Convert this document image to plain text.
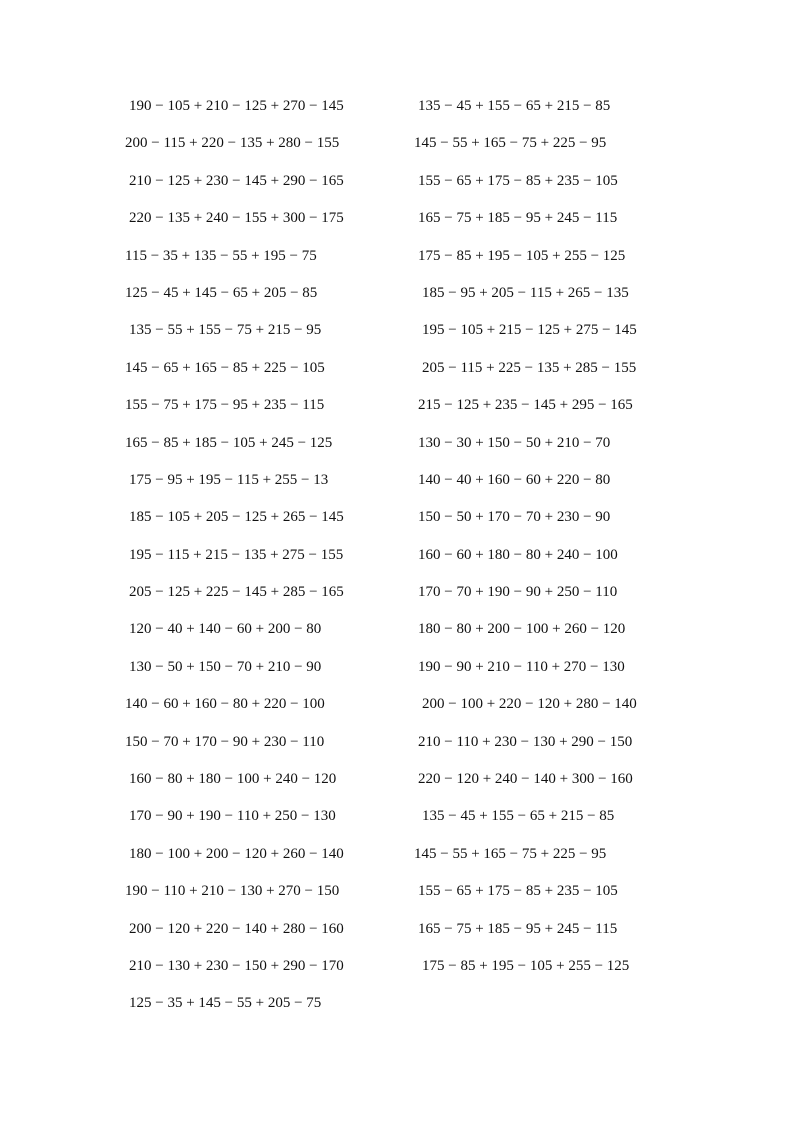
190 − 105 + 210 − 125 + 270 − 145
200 − 115 + 220 − 135 + 280 − 155
210 − 125 + 230 − 145 + 290 − 165
220 − 135 + 240 − 155 + 300 − 175
115 − 35 + 135 − 55 + 195 − 75
125 − 45 + 145 − 65 + 205 − 85
135 − 55 + 155 − 75 + 215 − 95
145 − 65 + 165 − 85 + 225 − 105
155 − 75 + 175 − 95 + 235 − 115
165 − 85 + 185 − 105 + 245 − 125
175 − 95 + 195 − 115 + 255 − 13
185 − 105 + 205 − 125 + 265 − 145
195 − 115 + 215 − 135 + 275 − 155
205 − 125 + 225 − 145 + 285 − 165
120 − 40 + 140 − 60 + 200 − 80
130 − 50 + 150 − 70 + 210 − 90
140 − 60 + 160 − 80 + 220 − 100
150 − 70 + 170 − 90 + 230 − 110
160 − 80 + 180 − 100 + 240 − 120
170 − 90 + 190 − 110 + 250 − 130
180 − 100 + 200 − 120 + 260 − 140
190 − 110 + 210 − 130 + 270 − 150
200 − 120 + 220 − 140 + 280 − 160
210 − 130 + 230 − 150 + 290 − 170
125 − 35 + 145 − 55 + 205 − 75
135 − 45 + 155 − 65 + 215 − 85
145 − 55 + 165 − 75 + 225 − 95
155 − 65 + 175 − 85 + 235 − 105
165 − 75 + 185 − 95 + 245 − 115
175 − 85 + 195 − 105 + 255 − 125
185 − 95 + 205 − 115 + 265 − 135
195 − 105 + 215 − 125 + 275 − 145
205 − 115 + 225 − 135 + 285 − 155
215 − 125 + 235 − 145 + 295 − 165
130 − 30 + 150 − 50 + 210 − 70
140 − 40 + 160 − 60 + 220 − 80
150 − 50 + 170 − 70 + 230 − 90
160 − 60 + 180 − 80 + 240 − 100
170 − 70 + 190 − 90 + 250 − 110
180 − 80 + 200 − 100 + 260 − 120
190 − 90 + 210 − 110 + 270 − 130
200 − 100 + 220 − 120 + 280 − 140
210 − 110 + 230 − 130 + 290 − 150
220 − 120 + 240 − 140 + 300 − 160
135 − 45 + 155 − 65 + 215 − 85
145 − 55 + 165 − 75 + 225 − 95
155 − 65 + 175 − 85 + 235 − 105
165 − 75 + 185 − 95 + 245 − 115
175 − 85 + 195 − 105 + 255 − 125
